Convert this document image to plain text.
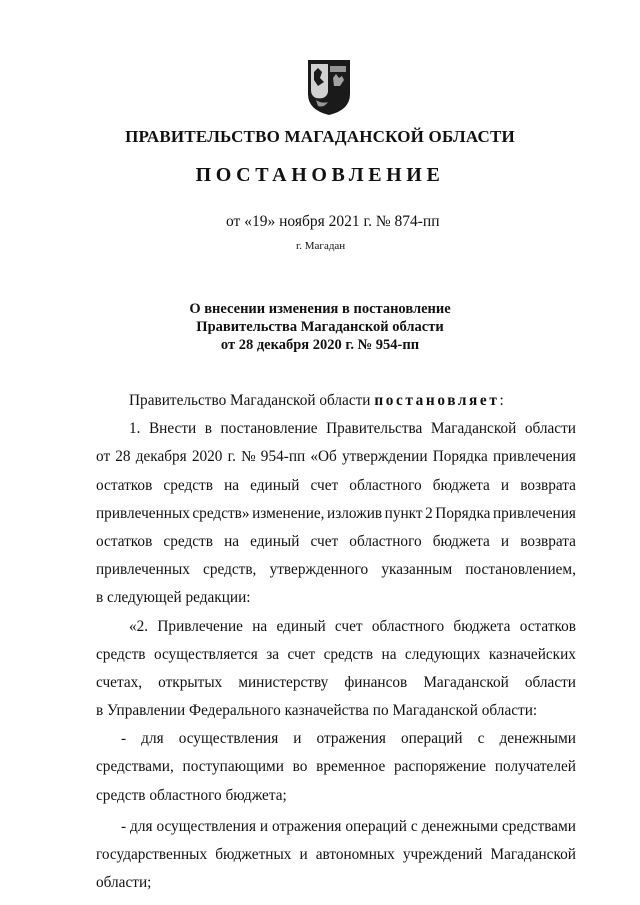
ПРАВИТЕЛЬСТВО МАГАДАНСКОЙ ОБЛАСТИ
ПОСТАНОВЛЕНИЕ
от «19» ноября 2021 г. № 874-пп
г. Магадан
О внесении изменения в постановление
Правительства Магаданской области
от 28 декабря 2020 г. № 954-пп
Правительство Магаданской области постановляет:
1. Внести в постановление Правительства Магаданской области
от 28 декабря 2020 г. № 954-пп «Об утверждении Порядка привлечения
остатков средств на единый счет областного бюджета и возврата
привлеченных средств» изменение, изложив пункт 2 Порядка привлечения
остатков средств на единый счет областного бюджета и возврата
привлеченных средств, утвержденного указанным постановлением,
в следующей редакции:
«2. Привлечение на единый счет областного бюджета остатков
средств осуществляется за счет средств на следующих казначейских
счетах, открытых министерству финансов Магаданской области
в Управлении Федерального казначейства по Магаданской области:
- для осуществления и отражения операций с денежными
средствами, поступающими во временное распоряжение получателей
средств областного бюджета;
- для осуществления и отражения операций с денежными средствами
государственных бюджетных и автономных учреждений Магаданской
области;
